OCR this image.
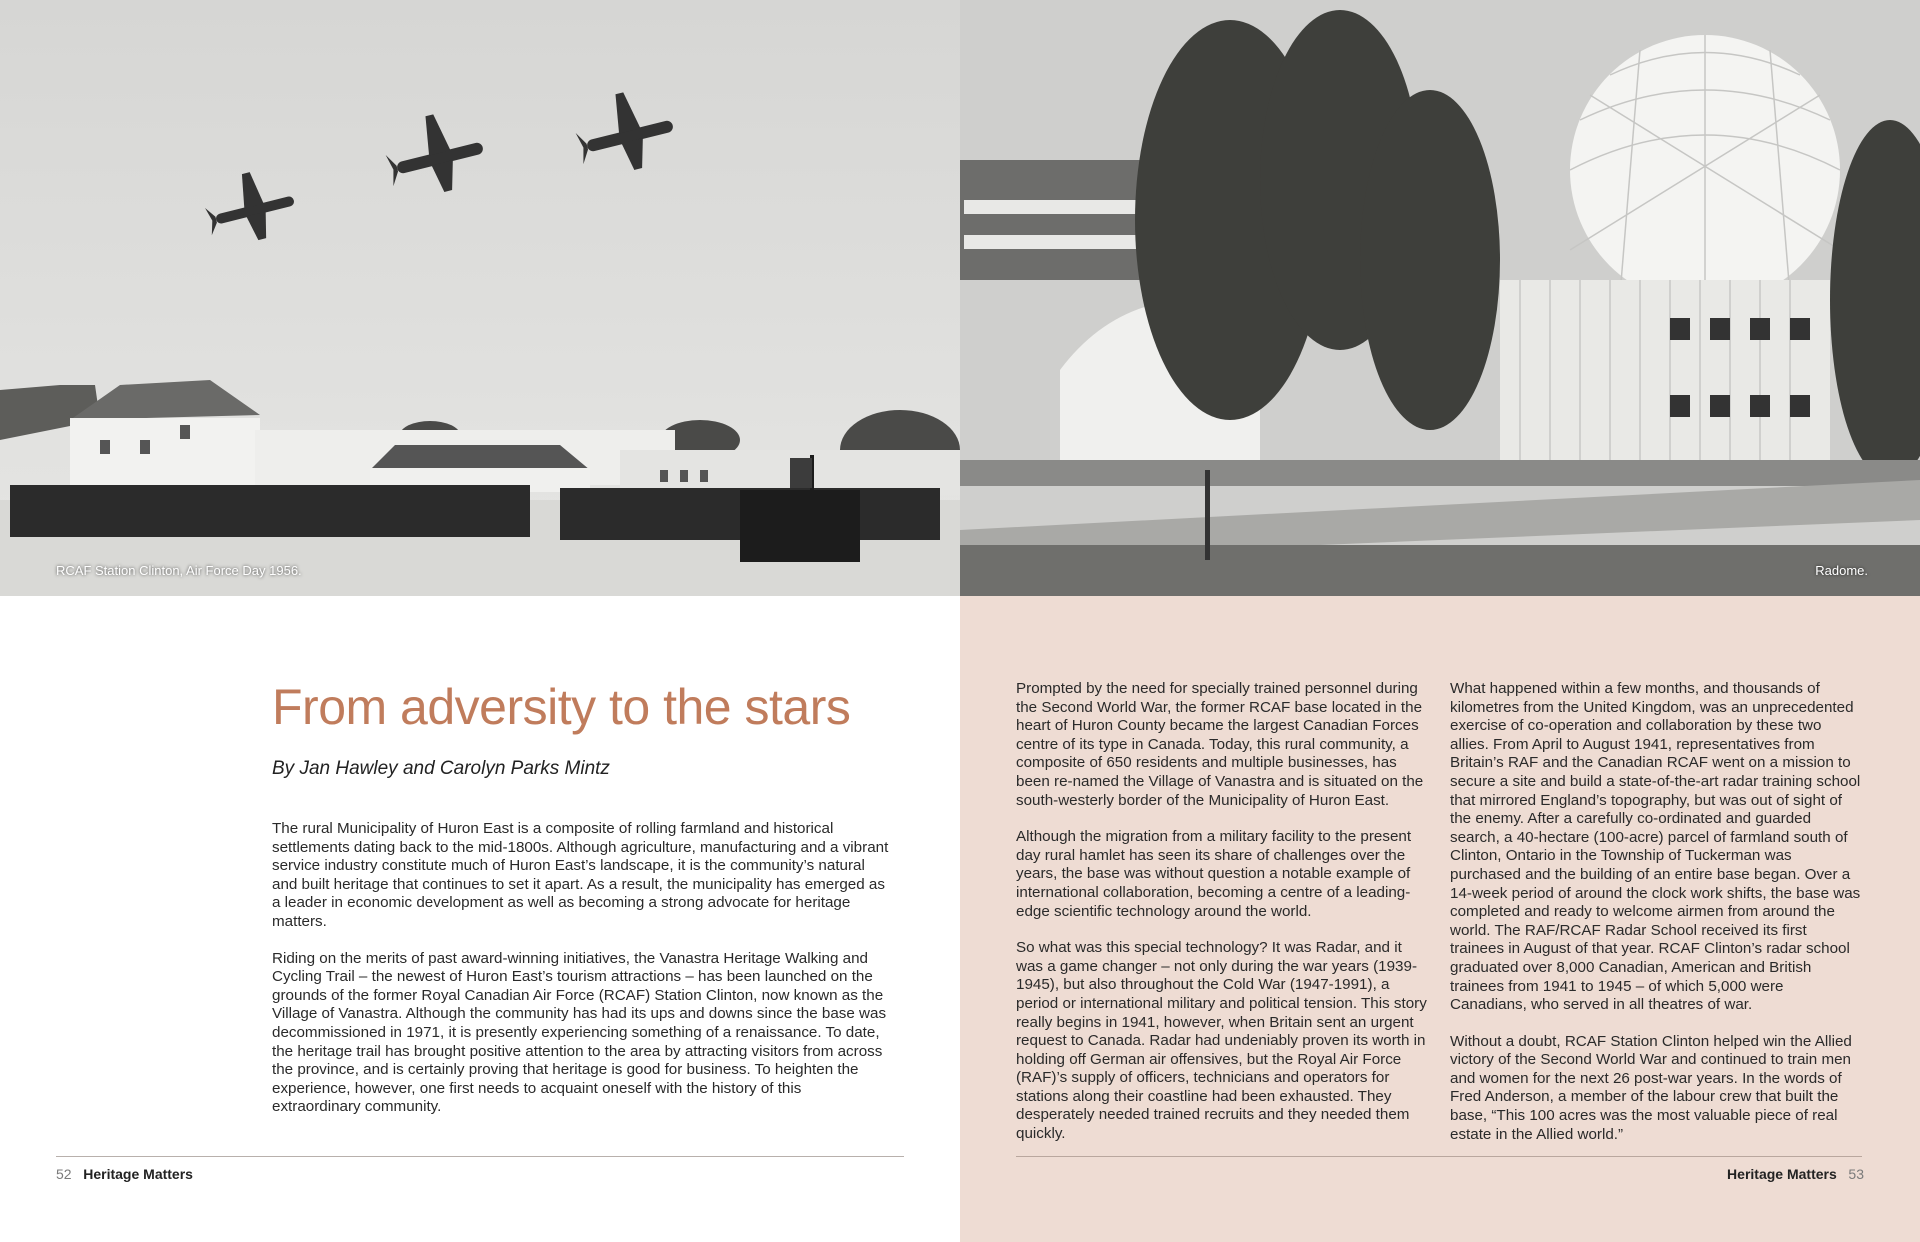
RCAF Station Clinton, Air Force Day 1956.
From adversity to the stars

By Jan Hawley and Carolyn Parks Mintz

The rural Municipality of Huron East is a composite of rolling farmland and historical settlements dating back to the mid-1800s. Although agriculture, manufacturing and a vibrant service industry constitute much of Huron East’s landscape, it is the community’s natural and built heritage that continues to set it apart. As a result, the municipality has emerged as a leader in economic development as well as becoming a strong advocate for heritage matters.

Riding on the merits of past award-winning initiatives, the Vanastra Heritage Walking and Cycling Trail – the newest of Huron East’s tourism attractions – has been launched on the grounds of the former Royal Canadian Air Force (RCAF) Station Clinton, now known as the Village of Vanastra. Although the community has had its ups and downs since the base was decommissioned in 1971, it is presently experiencing something of a renaissance. To date, the heritage trail has brought positive attention to the area by attracting visitors from across the province, and is certainly proving that heritage is good for business. To heighten the experience, however, one first needs to acquaint oneself with the history of this extraordinary community.

52 Heritage Matters
Radome.

Prompted by the need for specially trained personnel during the Second World War, the former RCAF base located in the heart of Huron County became the largest Canadian Forces centre of its type in Canada. Today, this rural community, a composite of 650 residents and multiple businesses, has been re-named the Village of Vanastra and is situated on the south-westerly border of the Municipality of Huron East.

Although the migration from a military facility to the present day rural hamlet has seen its share of challenges over the years, the base was without question a notable example of international collaboration, becoming a centre of a leading-edge scientific technology around the world.

So what was this special technology? It was Radar, and it was a game changer – not only during the war years (1939-1945), but also throughout the Cold War (1947-1991), a period or international military and political tension. This story really begins in 1941, however, when Britain sent an urgent request to Canada. Radar had undeniably proven its worth in holding off German air offensives, but the Royal Air Force (RAF)’s supply of officers, technicians and operators for stations along their coastline had been exhausted. They desperately needed trained recruits and they needed them quickly.

What happened within a few months, and thousands of kilometres from the United Kingdom, was an unprecedented exercise of co-operation and collaboration by these two allies. From April to August 1941, representatives from Britain’s RAF and the Canadian RCAF went on a mission to secure a site and build a state-of-the-art radar training school that mirrored England’s topography, but was out of sight of the enemy. After a carefully co-ordinated and guarded search, a 40-hectare (100-acre) parcel of farmland south of Clinton, Ontario in the Township of Tuckerman was purchased and the building of an entire base began. Over a 14-week period of around the clock work shifts, the base was completed and ready to welcome airmen from around the world. The RAF/RCAF Radar School received its first trainees in August of that year. RCAF Clinton’s radar school graduated over 8,000 Canadian, American and British trainees from 1941 to 1945 – of which 5,000 were Canadians, who served in all theatres of war.

Without a doubt, RCAF Station Clinton helped win the Allied victory of the Second World War and continued to train men and women for the next 26 post-war years. In the words of Fred Anderson, a member of the labour crew that built the base, “This 100 acres was the most valuable piece of real estate in the Allied world.”

Heritage Matters 53
